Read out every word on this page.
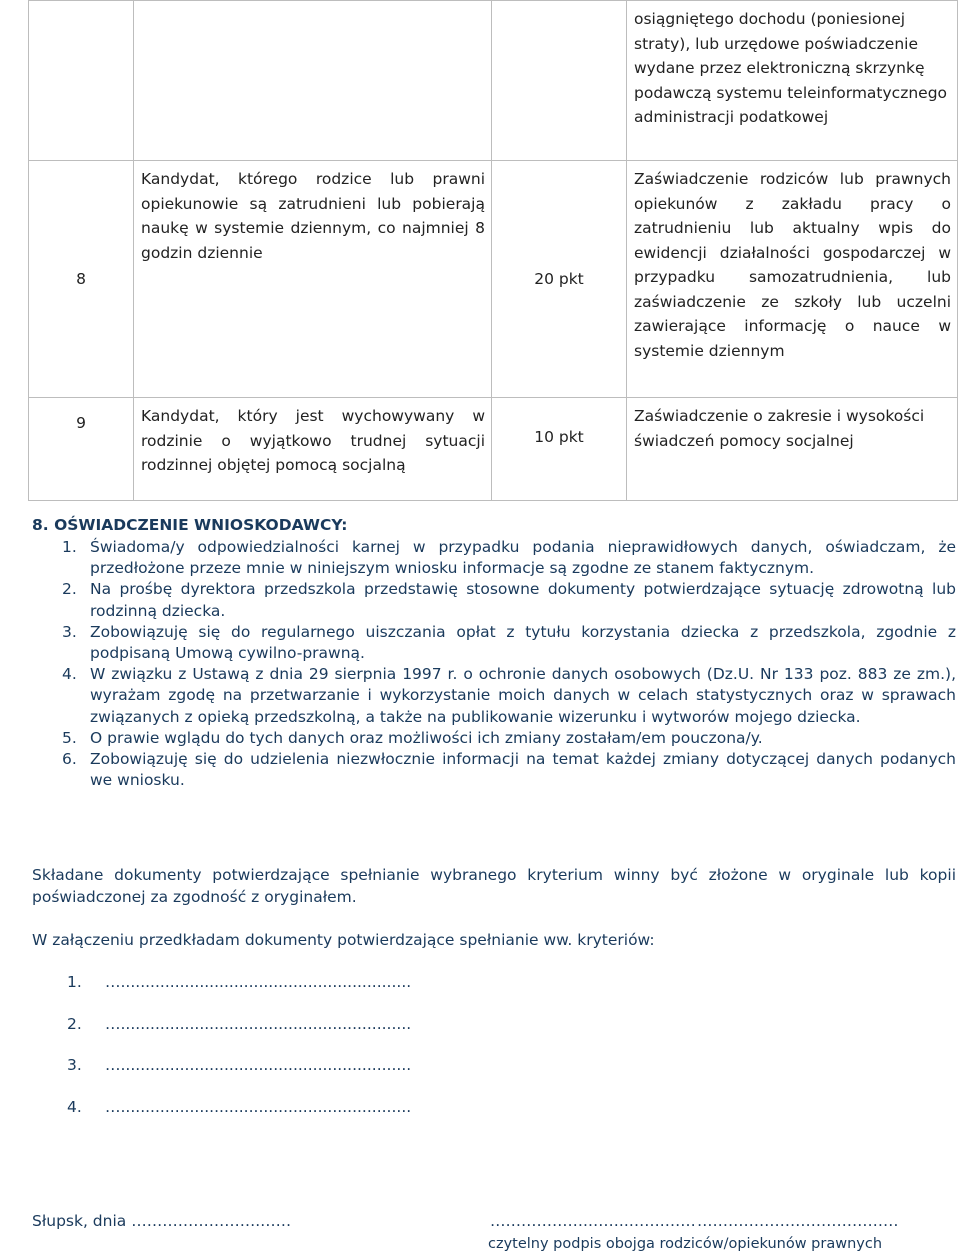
			osiągniętego dochodu (poniesionej straty), lub urzędowe poświadczenie wydane przez elektroniczną skrzynkę podawczą systemu teleinformatycznego administracji podatkowej

8	Kandydat, którego rodzice lub prawni opiekunowie są zatrudnieni lub pobierają naukę w systemie dziennym, co najmniej 8 godzin dziennie	20 pkt	Zaświadczenie rodziców lub prawnych opiekunów z zakładu pracy o zatrudnieniu lub aktualny wpis do ewidencji działalności gospodarczej w przypadku samozatrudnienia, lub zaświadczenie ze szkoły lub uczelni zawierające informację o nauce w systemie dziennym

9	Kandydat, który jest wychowywany w rodzinie o wyjątkowo trudnej sytuacji rodzinnej objętej pomocą socjalną	10 pkt	Zaświadczenie o zakresie i wysokości świadczeń pomocy socjalnej
8. OŚWIADCZENIE WNIOSKODAWCY:
1. Świadoma/y odpowiedzialności karnej w przypadku podania nieprawidłowych danych, oświadczam, że przedłożone przeze mnie w niniejszym wniosku informacje są zgodne ze stanem faktycznym.
2. Na prośbę dyrektora przedszkola przedstawię stosowne dokumenty potwierdzające sytuację zdrowotną lub rodzinną dziecka.
3. Zobowiązuję się do regularnego uiszczania opłat z tytułu korzystania dziecka z przedszkola, zgodnie z podpisaną Umową cywilno-prawną.
4. W związku z Ustawą z dnia 29 sierpnia 1997 r. o ochronie danych osobowych (Dz.U. Nr 133 poz. 883 ze zm.), wyrażam zgodę na przetwarzanie i wykorzystanie moich danych w celach statystycznych oraz w sprawach związanych z opieką przedszkolną, a także na publikowanie wizerunku i wytworów mojego dziecka.
5. O prawie wglądu do tych danych oraz możliwości ich zmiany zostałam/em pouczona/y.
6. Zobowiązuję się do udzielenia niezwłocznie informacji na temat każdej zmiany dotyczącej danych podanych we wniosku.
Składane dokumenty potwierdzające spełnianie wybranego kryterium winny być złożone w oryginale lub kopii poświadczonej za zgodność z oryginałem.
W załączeniu przedkładam dokumenty potwierdzające spełnianie ww. kryteriów:
1. …...........................................................
2. …...........................................................
3. …...........................................................
4. …...........................................................
Słupsk, dnia …………………….……	……………….……..…….…… …………………………………
czytelny podpis obojga rodziców/opiekunów prawnych
